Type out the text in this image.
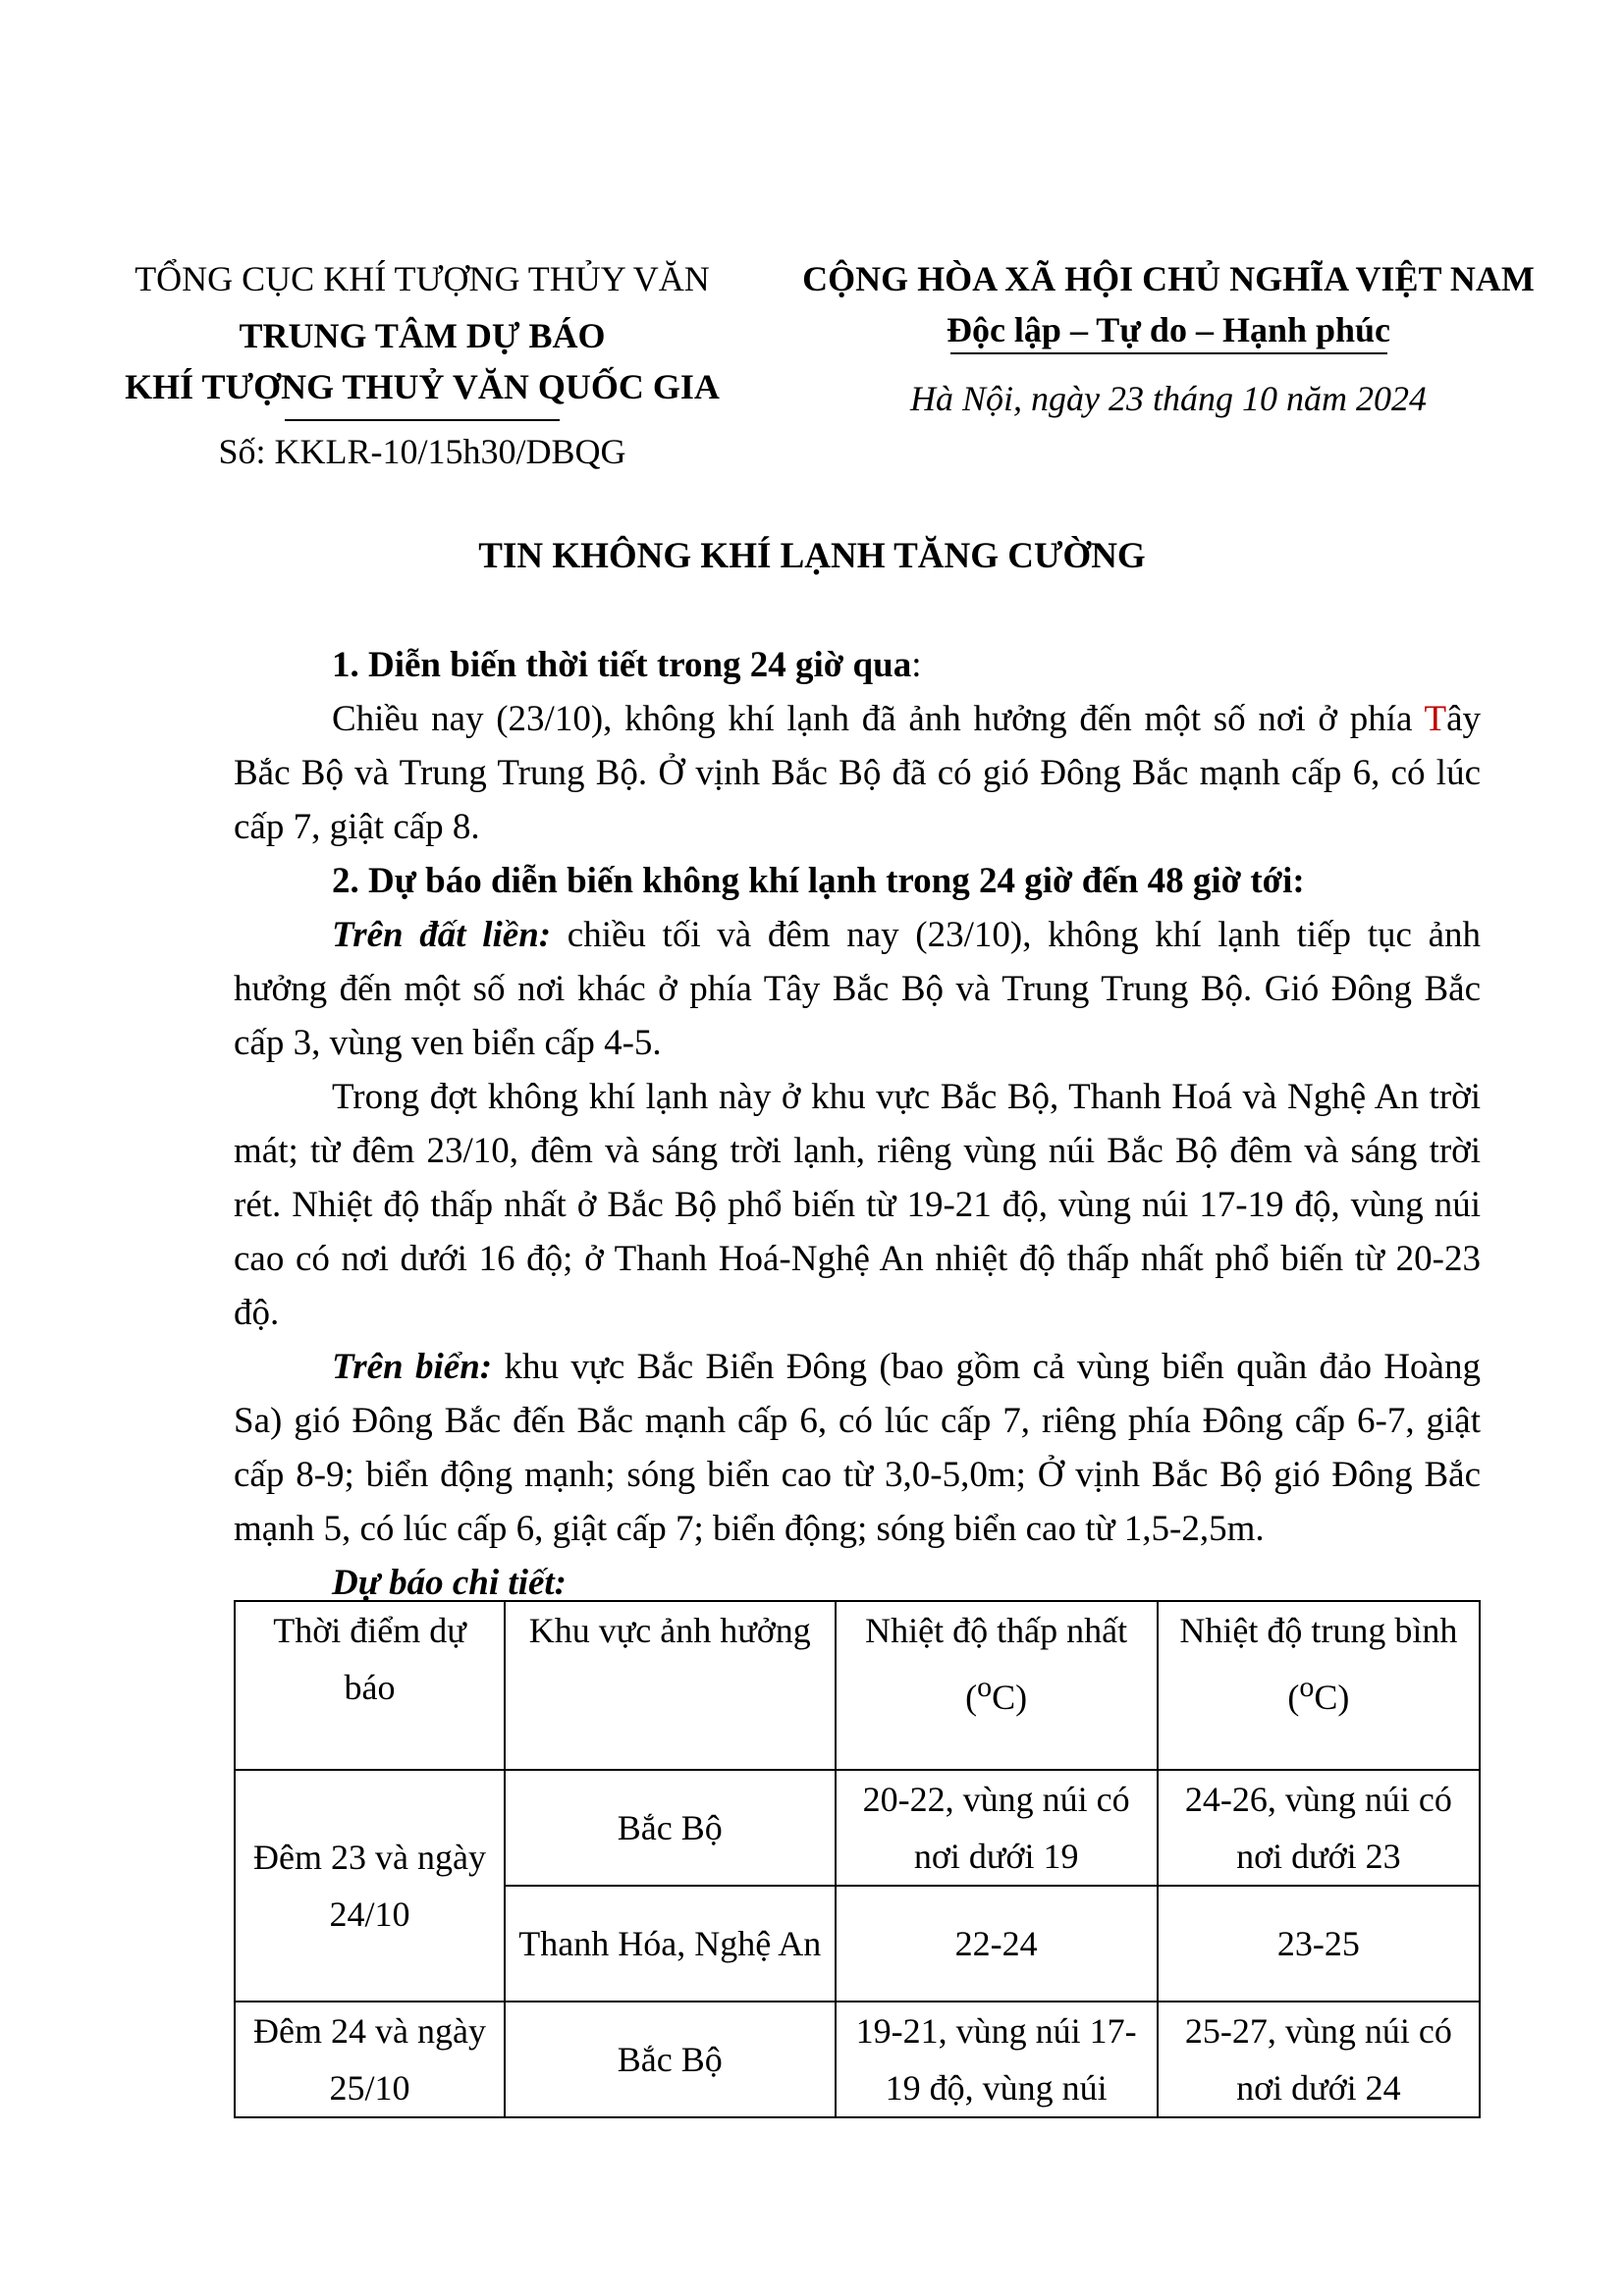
TỔNG CỤC KHÍ TƯỢNG THỦY VĂN
TRUNG TÂM DỰ BÁO
KHÍ TƯỢNG THUỶ VĂN QUỐC GIA
Số: KKLR-10/15h30/DBQG
CỘNG HÒA XÃ HỘI CHỦ NGHĨA VIỆT NAM
Độc lập – Tự do – Hạnh phúc
Hà Nội, ngày 23 tháng 10 năm 2024
TIN KHÔNG KHÍ LẠNH TĂNG CƯỜNG

1. Diễn biến thời tiết trong 24 giờ qua:

Chiều nay (23/10), không khí lạnh đã ảnh hưởng đến một số nơi ở phía Tây Bắc Bộ và Trung Trung Bộ. Ở vịnh Bắc Bộ đã có gió Đông Bắc mạnh cấp 6, có lúc cấp 7, giật cấp 8.

2. Dự báo diễn biến không khí lạnh trong 24 giờ đến 48 giờ tới:

Trên đất liền: chiều tối và đêm nay (23/10), không khí lạnh tiếp tục ảnh hưởng đến một số nơi khác ở phía Tây Bắc Bộ và Trung Trung Bộ. Gió Đông Bắc cấp 3, vùng ven biển cấp 4-5.

Trong đợt không khí lạnh này ở khu vực Bắc Bộ, Thanh Hoá và Nghệ An trời mát; từ đêm 23/10, đêm và sáng trời lạnh, riêng vùng núi Bắc Bộ đêm và sáng trời rét. Nhiệt độ thấp nhất ở Bắc Bộ phổ biến từ 19-21 độ, vùng núi 17-19 độ, vùng núi cao có nơi dưới 16 độ; ở Thanh Hoá-Nghệ An nhiệt độ thấp nhất phổ biến từ 20-23 độ.

Trên biển: khu vực Bắc Biển Đông (bao gồm cả vùng biển quần đảo Hoàng Sa) gió Đông Bắc đến Bắc mạnh cấp 6, có lúc cấp 7, riêng phía Đông cấp 6-7, giật cấp 8-9; biển động mạnh; sóng biển cao từ 3,0-5,0m; Ở vịnh Bắc Bộ gió Đông Bắc mạnh 5, có lúc cấp 6, giật cấp 7; biển động; sóng biển cao từ 1,5-2,5m.

Dự báo chi tiết:

Thời điểm dự báo	Khu vực ảnh hưởng	Nhiệt độ thấp nhất ($^o$C)	Nhiệt độ trung bình ($^o$C)
Đêm 23 và ngày 24/10	Bắc Bộ	20-22, vùng núi có nơi dưới 19	24-26, vùng núi có nơi dưới 23
	Thanh Hóa, Nghệ An	22-24	23-25
Đêm 24 và ngày 25/10	Bắc Bộ	19-21, vùng núi 17-19 độ, vùng núi	25-27, vùng núi có nơi dưới 24
